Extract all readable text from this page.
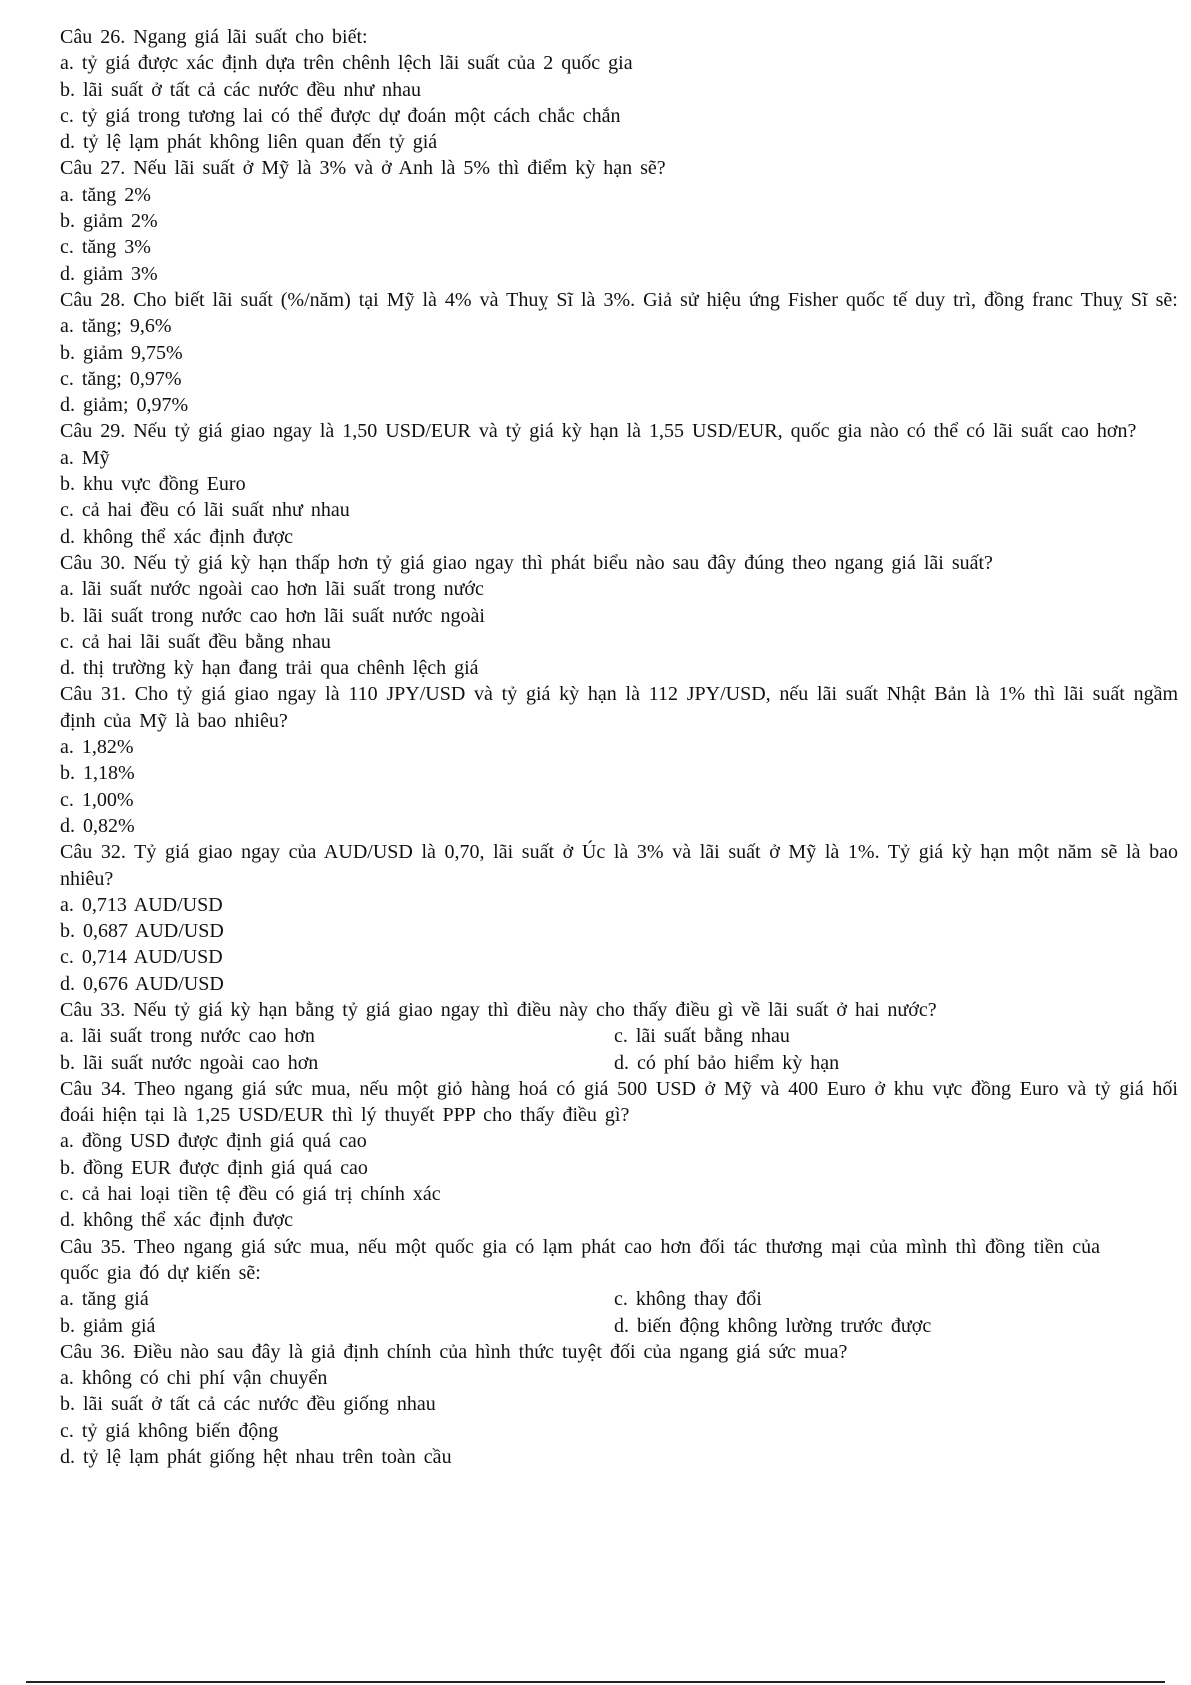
Câu 26. Ngang giá lãi suất cho biết:

a. tỷ giá được xác định dựa trên chênh lệch lãi suất của 2 quốc gia

b. lãi suất ở tất cả các nước đều như nhau

c. tỷ giá trong tương lai có thể được dự đoán một cách chắc chắn

d. tỷ lệ lạm phát không liên quan đến tỷ giá

Câu 27. Nếu lãi suất ở Mỹ là 3% và ở Anh là 5% thì điểm kỳ hạn sẽ?

a. tăng 2%

b. giảm 2%

c. tăng 3%

d. giảm 3%

Câu 28. Cho biết lãi suất (%/năm) tại Mỹ là 4% và Thuỵ Sĩ là 3%. Giả sử hiệu ứng Fisher quốc tế duy trì, đồng franc Thuỵ Sĩ sẽ:

a. tăng; 9,6%

b. giảm 9,75%

c. tăng; 0,97%

d. giảm; 0,97%

Câu 29. Nếu tỷ giá giao ngay là 1,50 USD/EUR và tỷ giá kỳ hạn là 1,55 USD/EUR, quốc gia nào có thể có lãi suất cao hơn?

a. Mỹ

b. khu vực đồng Euro

c. cả hai đều có lãi suất như nhau

d. không thể xác định được

Câu 30. Nếu tỷ giá kỳ hạn thấp hơn tỷ giá giao ngay thì phát biểu nào sau đây đúng theo ngang giá lãi suất?

a. lãi suất nước ngoài cao hơn lãi suất trong nước

b. lãi suất trong nước cao hơn lãi suất nước ngoài

c. cả hai lãi suất đều bằng nhau

d. thị trường kỳ hạn đang trải qua chênh lệch giá

Câu 31. Cho tỷ giá giao ngay là 110 JPY/USD và tỷ giá kỳ hạn là 112 JPY/USD, nếu lãi suất Nhật Bản là 1% thì lãi suất ngầm định của Mỹ là bao nhiêu?

a. 1,82%

b. 1,18%

c. 1,00%

d. 0,82%

Câu 32. Tỷ giá giao ngay của AUD/USD là 0,70, lãi suất ở Úc là 3% và lãi suất ở Mỹ là 1%. Tỷ giá kỳ hạn một năm sẽ là bao nhiêu?

a. 0,713 AUD/USD

b. 0,687 AUD/USD

c. 0,714 AUD/USD

d. 0,676 AUD/USD

Câu 33. Nếu tỷ giá kỳ hạn bằng tỷ giá giao ngay thì điều này cho thấy điều gì về lãi suất ở hai nước?

a. lãi suất trong nước cao hơn	c. lãi suất bằng nhau

b. lãi suất nước ngoài cao hơn	d. có phí bảo hiểm kỳ hạn

Câu 34. Theo ngang giá sức mua, nếu một giỏ hàng hoá có giá 500 USD ở Mỹ và 400 Euro ở khu vực đồng Euro và tỷ giá hối đoái hiện tại là 1,25 USD/EUR thì lý thuyết PPP cho thấy điều gì?

a. đồng USD được định giá quá cao

b. đồng EUR được định giá quá cao

c. cả hai loại tiền tệ đều có giá trị chính xác

d. không thể xác định được

Câu 35. Theo ngang giá sức mua, nếu một quốc gia có lạm phát cao hơn đối tác thương mại của mình thì đồng tiền của quốc gia đó dự kiến sẽ:

a. tăng giá	c. không thay đổi

b. giảm giá	d. biến động không lường trước được

Câu 36. Điều nào sau đây là giả định chính của hình thức tuyệt đối của ngang giá sức mua?

a. không có chi phí vận chuyển

b. lãi suất ở tất cả các nước đều giống nhau

c. tỷ giá không biến động

d. tỷ lệ lạm phát giống hệt nhau trên toàn cầu
